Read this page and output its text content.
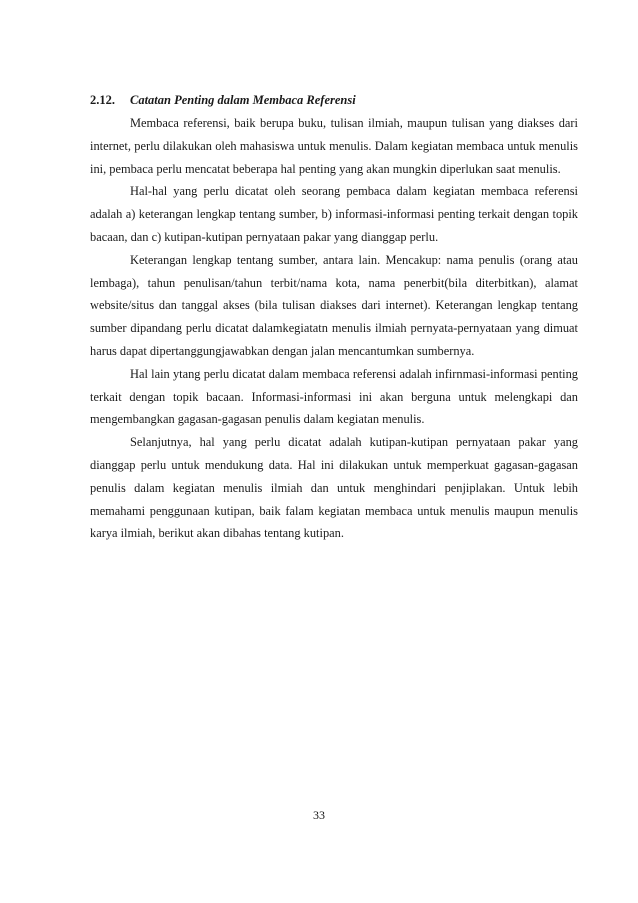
2.12. Catatan Penting dalam Membaca Referensi

Membaca referensi, baik berupa buku, tulisan ilmiah, maupun tulisan yang diakses dari internet, perlu dilakukan oleh mahasiswa untuk menulis. Dalam kegiatan membaca untuk menulis ini, pembaca perlu mencatat beberapa hal penting yang akan mungkin diperlukan saat menulis.

Hal-hal yang perlu dicatat oleh seorang pembaca dalam kegiatan membaca referensi adalah a) keterangan lengkap tentang sumber, b) informasi-informasi penting terkait dengan topik bacaan, dan c) kutipan-kutipan pernyataan pakar yang dianggap perlu.

Keterangan lengkap tentang sumber, antara lain. Mencakup: nama penulis (orang atau lembaga), tahun penulisan/tahun terbit/nama kota, nama penerbit(bila diterbitkan), alamat website/situs dan tanggal akses (bila tulisan diakses dari internet). Keterangan lengkap tentang sumber dipandang perlu dicatat dalamkegiatatn menulis ilmiah pernyata-pernyataan yang dimuat harus dapat dipertanggungjawabkan dengan jalan mencantumkan sumbernya.

Hal lain ytang perlu dicatat dalam membaca referensi adalah infirnmasi-informasi penting terkait dengan topik bacaan. Informasi-informasi ini akan berguna untuk melengkapi dan mengembangkan gagasan-gagasan penulis dalam kegiatan menulis.

Selanjutnya, hal yang perlu dicatat adalah kutipan-kutipan pernyataan pakar yang dianggap perlu untuk mendukung data. Hal ini dilakukan untuk memperkuat gagasan-gagasan penulis dalam kegiatan menulis ilmiah dan untuk menghindari penjiplakan. Untuk lebih memahami penggunaan kutipan, baik falam kegiatan membaca untuk menulis maupun menulis karya ilmiah, berikut akan dibahas tentang kutipan.

33
